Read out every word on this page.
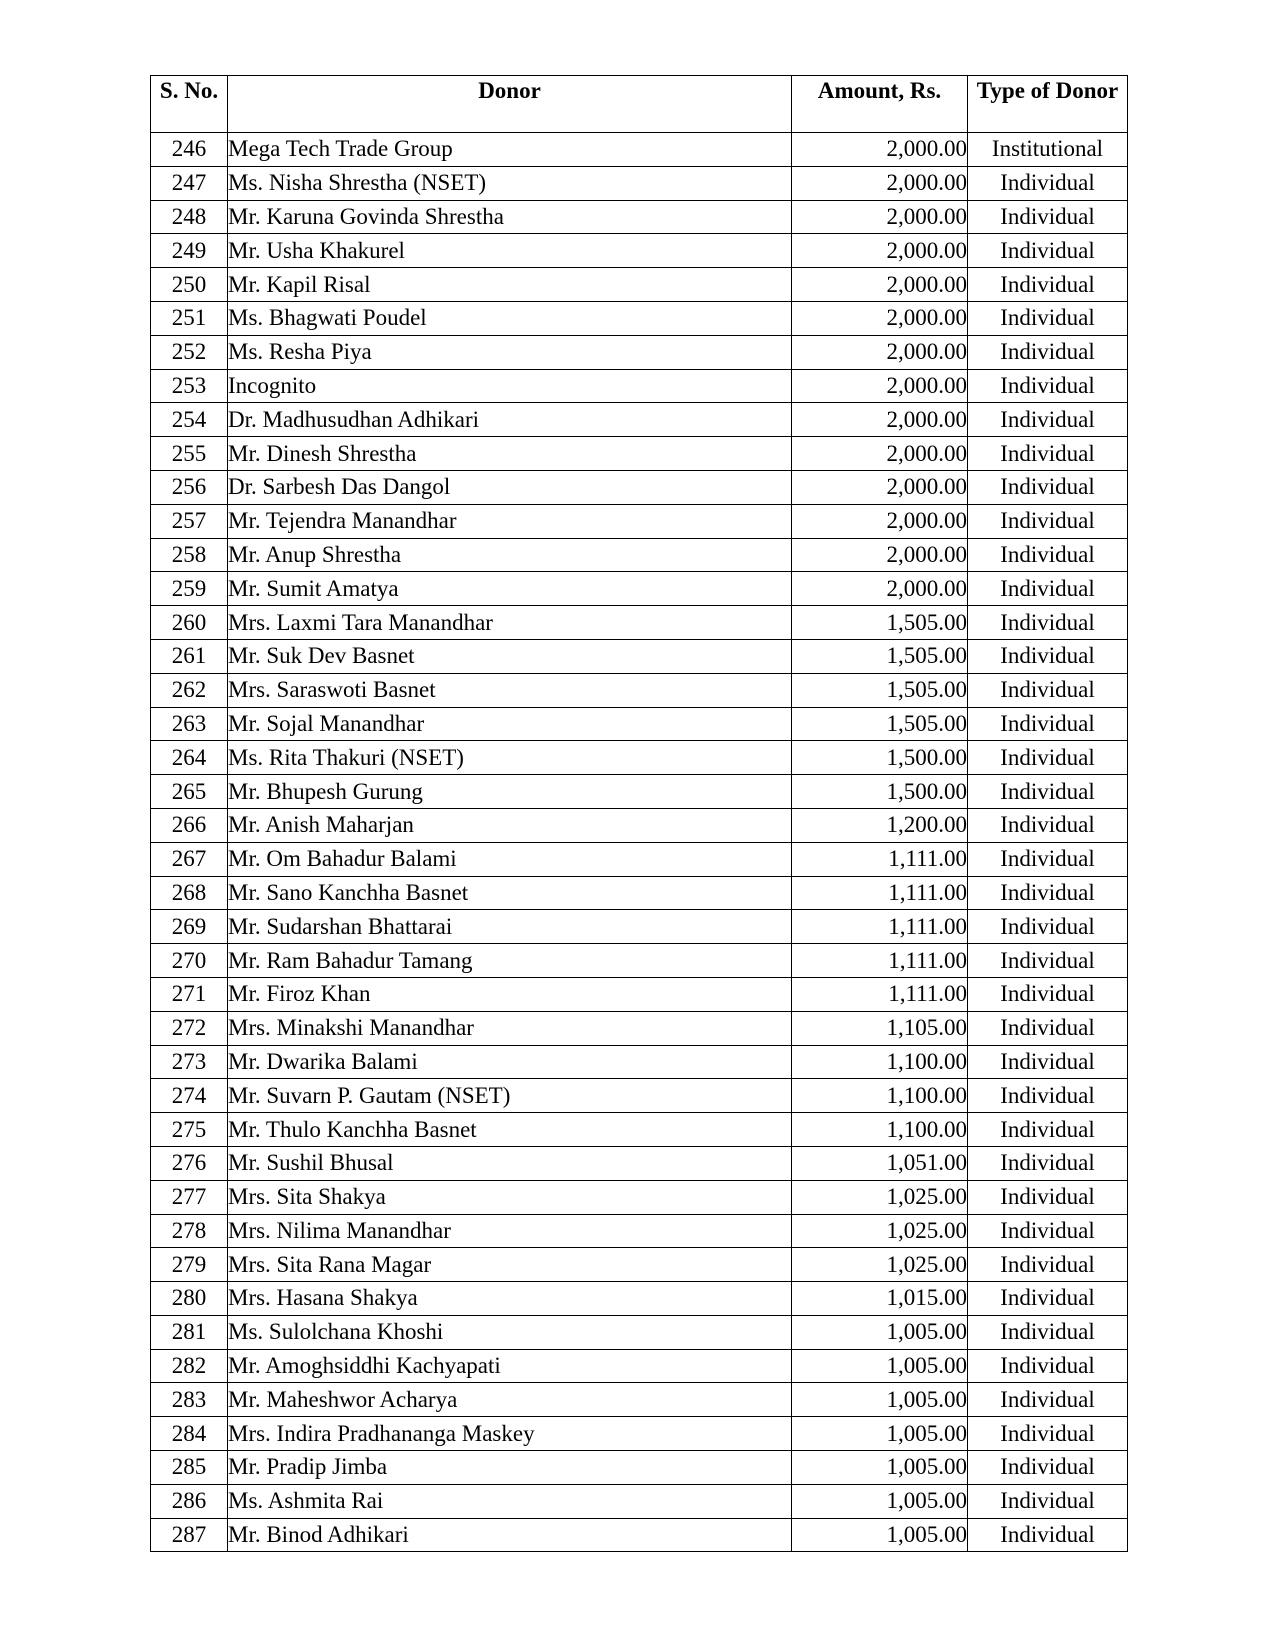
S. No.	Donor	Amount, Rs.	Type of Donor
246	Mega Tech Trade Group	2,000.00	Institutional
247	Ms. Nisha Shrestha (NSET)	2,000.00	Individual
248	Mr. Karuna Govinda Shrestha	2,000.00	Individual
249	Mr. Usha Khakurel	2,000.00	Individual
250	Mr. Kapil Risal	2,000.00	Individual
251	Ms. Bhagwati Poudel	2,000.00	Individual
252	Ms. Resha Piya	2,000.00	Individual
253	Incognito	2,000.00	Individual
254	Dr. Madhusudhan Adhikari	2,000.00	Individual
255	Mr. Dinesh Shrestha	2,000.00	Individual
256	Dr. Sarbesh Das Dangol	2,000.00	Individual
257	Mr. Tejendra Manandhar	2,000.00	Individual
258	Mr. Anup Shrestha	2,000.00	Individual
259	Mr. Sumit Amatya	2,000.00	Individual
260	Mrs. Laxmi Tara Manandhar	1,505.00	Individual
261	Mr. Suk Dev Basnet	1,505.00	Individual
262	Mrs. Saraswoti Basnet	1,505.00	Individual
263	Mr. Sojal Manandhar	1,505.00	Individual
264	Ms. Rita Thakuri (NSET)	1,500.00	Individual
265	Mr. Bhupesh Gurung	1,500.00	Individual
266	Mr. Anish Maharjan	1,200.00	Individual
267	Mr. Om Bahadur Balami	1,111.00	Individual
268	Mr. Sano Kanchha Basnet	1,111.00	Individual
269	Mr. Sudarshan Bhattarai	1,111.00	Individual
270	Mr. Ram Bahadur Tamang	1,111.00	Individual
271	Mr. Firoz Khan	1,111.00	Individual
272	Mrs. Minakshi Manandhar	1,105.00	Individual
273	Mr. Dwarika Balami	1,100.00	Individual
274	Mr. Suvarn P. Gautam (NSET)	1,100.00	Individual
275	Mr. Thulo Kanchha Basnet	1,100.00	Individual
276	Mr. Sushil Bhusal	1,051.00	Individual
277	Mrs. Sita Shakya	1,025.00	Individual
278	Mrs. Nilima Manandhar	1,025.00	Individual
279	Mrs. Sita Rana Magar	1,025.00	Individual
280	Mrs. Hasana Shakya	1,015.00	Individual
281	Ms. Sulolchana Khoshi	1,005.00	Individual
282	Mr. Amoghsiddhi Kachyapati	1,005.00	Individual
283	Mr. Maheshwor Acharya	1,005.00	Individual
284	Mrs. Indira Pradhananga Maskey	1,005.00	Individual
285	Mr. Pradip Jimba	1,005.00	Individual
286	Ms. Ashmita Rai	1,005.00	Individual
287	Mr. Binod Adhikari	1,005.00	Individual
